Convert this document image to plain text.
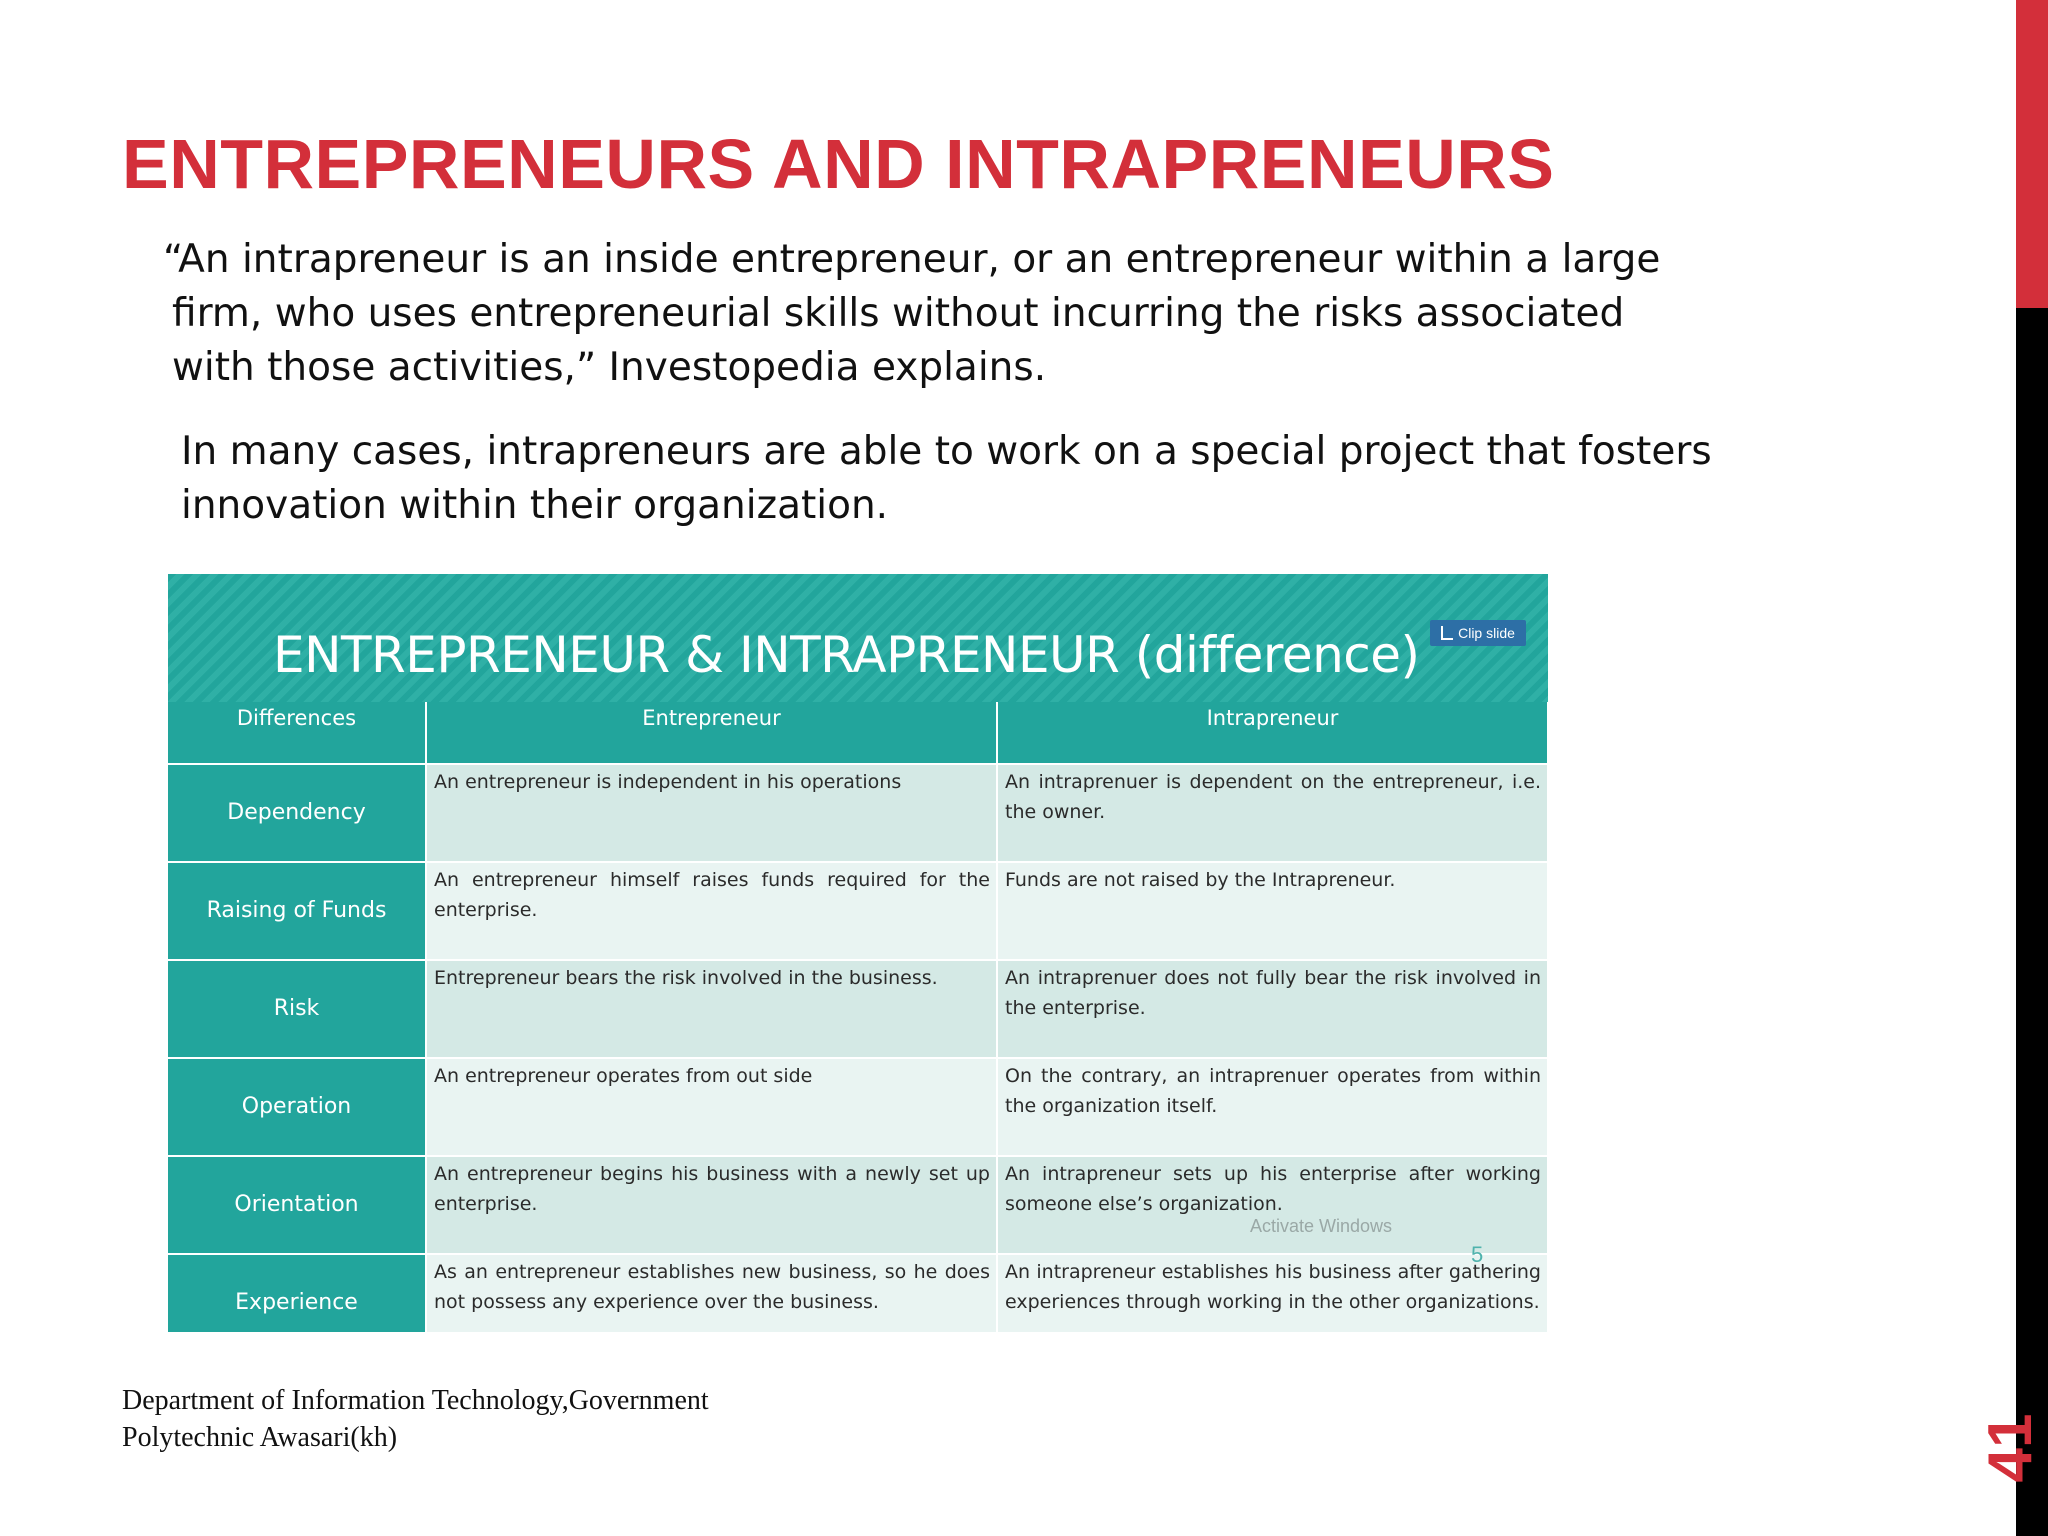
ENTREPRENEURS AND INTRAPRENEURS
“An intrapreneur is an inside entrepreneur, or an entrepreneur within a large firm, who uses entrepreneurial skills without incurring the risks associated with those activities,” Investopedia explains.
In many cases, intrapreneurs are able to work on a special project that fosters innovation within their organization.
ENTREPRENEUR & INTRAPRENEUR (difference)	Clip slide
Differences	Entrepreneur	Intrapreneur
Dependency	An entrepreneur is independent in his operations	An intraprenuer is dependent on the entrepreneur, i.e. the owner.
Raising of Funds	An entrepreneur himself raises funds required for the enterprise.	Funds are not raised by the Intrapreneur.
Risk	Entrepreneur bears the risk involved in the business.	An intraprenuer does not fully bear the risk involved in the enterprise.
Operation	An entrepreneur operates from out side	On the contrary, an intraprenuer operates from within the organization itself.
Orientation	An entrepreneur begins his business with a newly set up enterprise.	An intrapreneur sets up his enterprise after working someone else’s organization.
Experience	As an entrepreneur establishes new business, so he does not possess any experience over the business.	An intrapreneur establishes his business after gathering experiences through working in the other organizations.
Activate Windows
5
Department of Information Technology,Government
Polytechnic Awasari(kh)	41
